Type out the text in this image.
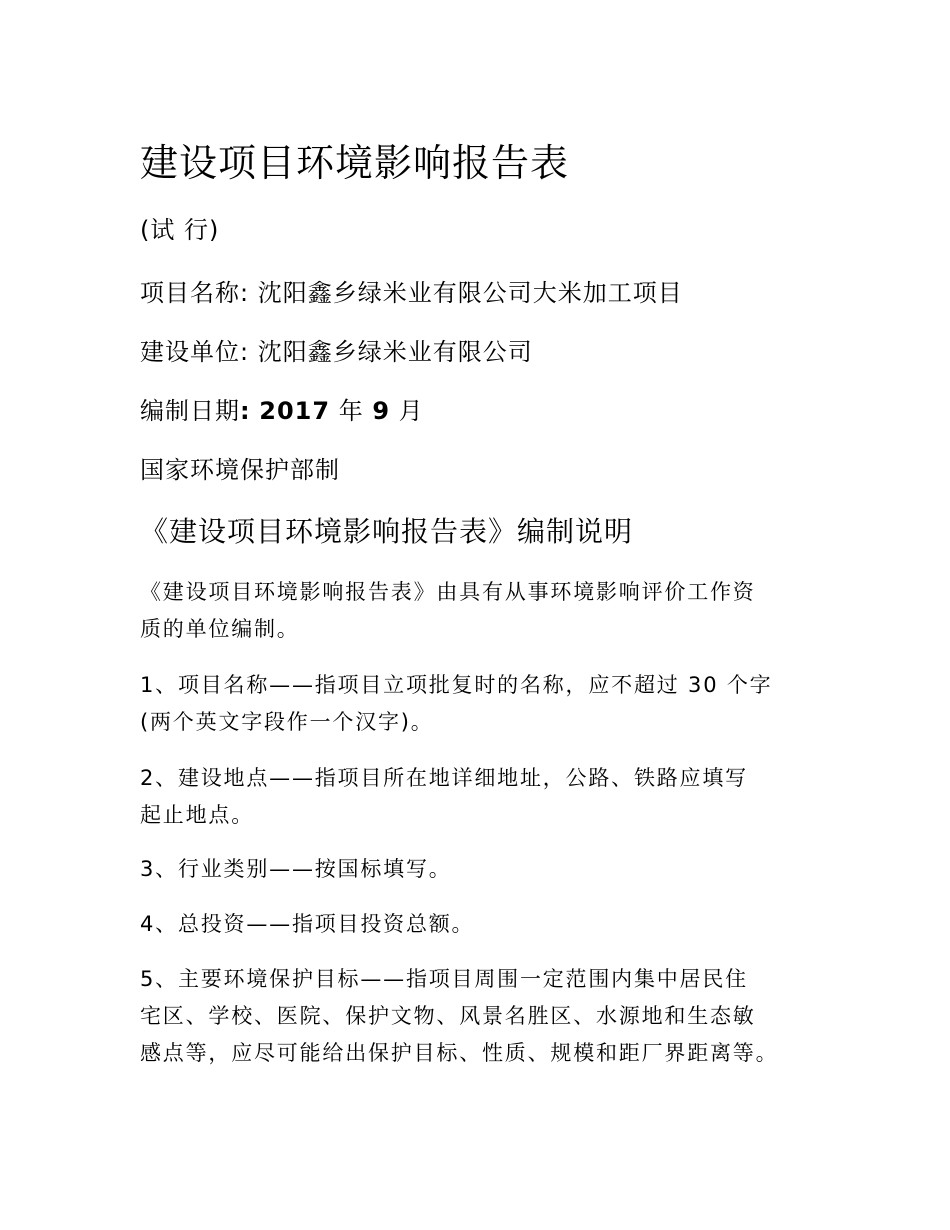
建设项目环境影响报告表

(试 行)

项目名称: 沈阳鑫乡绿米业有限公司大米加工项目

建设单位: 沈阳鑫乡绿米业有限公司

编制日期: 2017 年 9 月

国家环境保护部制

《建设项目环境影响报告表》编制说明

《建设项目环境影响报告表》由具有从事环境影响评价工作资

质的单位编制。

1、项目名称——指项目立项批复时的名称，应不超过 30 个字

(两个英文字段作一个汉字)。

2、建设地点——指项目所在地详细地址，公路、铁路应填写

起止地点。

3、行业类别——按国标填写。

4、总投资——指项目投资总额。

5、主要环境保护目标——指项目周围一定范围内集中居民住

宅区、学校、医院、保护文物、风景名胜区、水源地和生态敏

感点等，应尽可能给出保护目标、性质、规模和距厂界距离等。
